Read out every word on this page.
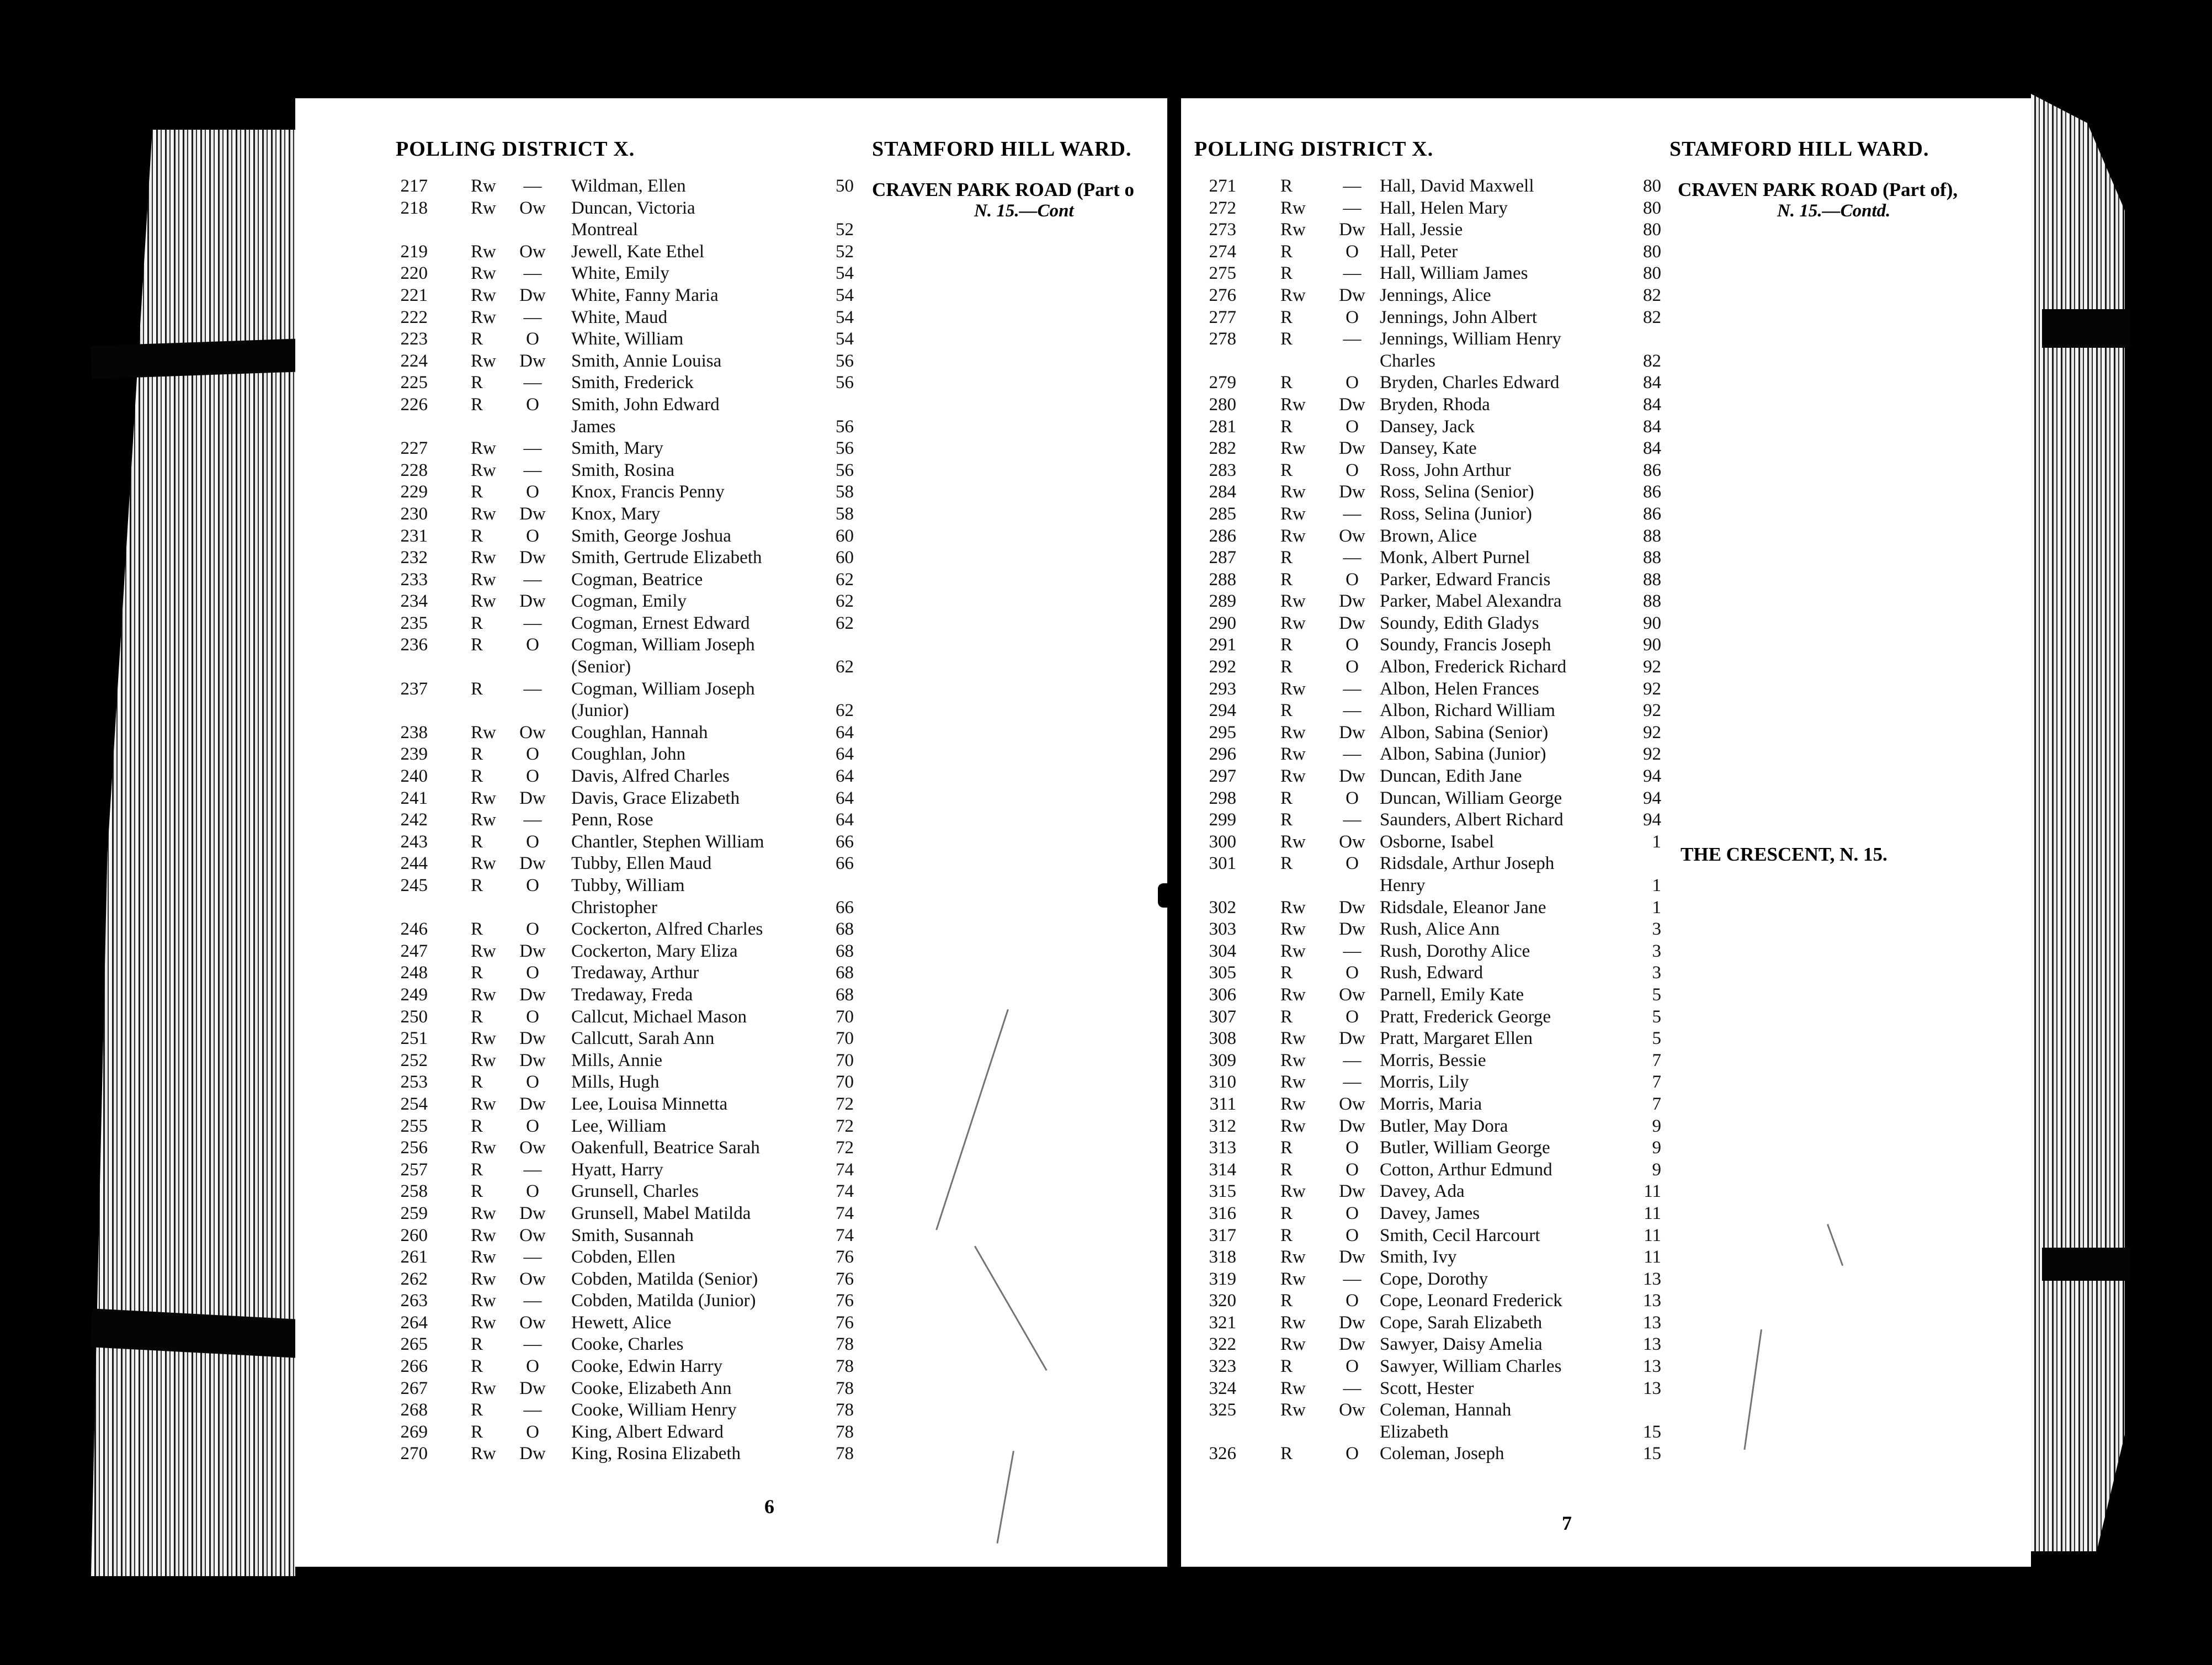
POLLING DISTRICT X.	STAMFORD HILL WARD.
CRAVEN PARK ROAD (Part o
N. 15.—Cont
217 Rw	—	Wildman, Ellen	50
218 Rw	Ow Duncan, Victoria
Montreal	52
219 Rw	Ow Jewell, Kate Ethel	52
220 Rw	—	White, Emily	54
221 Rw	Dw White, Fanny Maria	54
222 Rw	—	White, Maud	54
223 R	O	White, William	54
224 Rw	Dw Smith, Annie Louisa	56
225 R	—	Smith, Frederick	56
226 R	O	Smith, John Edward
James	56
227 Rw	—	Smith, Mary	56
228 Rw	—	Smith, Rosina	56
229 R	O	Knox, Francis Penny	58
230 Rw	Dw Knox, Mary	58
231 R	O	Smith, George Joshua	60
232 Rw	Dw Smith, Gertrude Elizabeth	60
233 Rw	—	Cogman, Beatrice	62
234 Rw	Dw Cogman, Emily	62
235 R	—	Cogman, Ernest Edward	62
236 R	O	Cogman, William Joseph
(Senior)	62
237 R	—	Cogman, William Joseph
(Junior)	62
238 Rw	Ow Coughlan, Hannah	64
239 R	O	Coughlan, John	64
240 R	O	Davis, Alfred Charles	64
241 Rw	Dw Davis, Grace Elizabeth	64
242 Rw	—	Penn, Rose	64
243 R	O	Chantler, Stephen William	66
244 Rw	Dw Tubby, Ellen Maud	66
245 R	O	Tubby, William
Christopher	66
246 R	O	Cockerton, Alfred Charles	68
247 Rw	Dw Cockerton, Mary Eliza	68
248 R	O	Tredaway, Arthur	68
249 Rw	Dw Tredaway, Freda	68
250 R	O	Callcut, Michael Mason	70
251 Rw	Dw Callcutt, Sarah Ann	70
252 Rw	Dw Mills, Annie	70
253 R	O	Mills, Hugh	70
254 Rw	Dw Lee, Louisa Minnetta	72
255 R	O	Lee, William	72
256 Rw	Ow Oakenfull, Beatrice Sarah	72
257 R	—	Hyatt, Harry	74
258 R	O	Grunsell, Charles	74
259 Rw	Dw Grunsell, Mabel Matilda	74
260 Rw	Ow Smith, Susannah	74
261 Rw	—	Cobden, Ellen	76
262 Rw	Ow Cobden, Matilda (Senior)	76
263 Rw	—	Cobden, Matilda (Junior)	76
264 Rw	Ow Hewett, Alice	76
265 R	—	Cooke, Charles	78
266 R	O	Cooke, Edwin Harry	78
267 Rw	Dw Cooke, Elizabeth Ann	78
268 R	—	Cooke, William Henry	78
269 R	O	King, Albert Edward	78
270 Rw	Dw King, Rosina Elizabeth	78
6
POLLING DISTRICT X.	STAMFORD HILL WARD.
CRAVEN PARK ROAD (Part of),
N. 15.—Contd.
THE CRESCENT, N. 15.
271 R	—	Hall, David Maxwell	80
272 Rw	—	Hall, Helen Mary	80
273 Rw	Dw Hall, Jessie	80
274 R	O	Hall, Peter	80
275 R	—	Hall, William James	80
276 Rw	Dw Jennings, Alice	82
277 R	O	Jennings, John Albert	82
278 R	—	Jennings, William Henry
Charles	82
279 R	O	Bryden, Charles Edward	84
280 Rw	Dw Bryden, Rhoda	84
281 R	O	Dansey, Jack	84
282 Rw	Dw Dansey, Kate	84
283 R	O	Ross, John Arthur	86
284 Rw	Dw Ross, Selina (Senior)	86
285 Rw	—	Ross, Selina (Junior)	86
286 Rw	Ow Brown, Alice	88
287 R	—	Monk, Albert Purnel	88
288 R	O	Parker, Edward Francis	88
289 Rw	Dw Parker, Mabel Alexandra	88
290 Rw	Dw Soundy, Edith Gladys	90
291 R	O	Soundy, Francis Joseph	90
292 R	O	Albon, Frederick Richard	92
293 Rw	—	Albon, Helen Frances	92
294 R	—	Albon, Richard William	92
295 Rw	Dw Albon, Sabina (Senior)	92
296 Rw	—	Albon, Sabina (Junior)	92
297 Rw	Dw Duncan, Edith Jane	94
298 R	O	Duncan, William George	94
299 R	—	Saunders, Albert Richard	94
300 Rw	Ow Osborne, Isabel	1
301 R	O	Ridsdale, Arthur Joseph
Henry	1
302 Rw	Dw Ridsdale, Eleanor Jane	1
303 Rw	Dw Rush, Alice Ann	3
304 Rw	—	Rush, Dorothy Alice	3
305 R	O	Rush, Edward	3
306 Rw	Ow Parnell, Emily Kate	5
307 R	O	Pratt, Frederick George	5
308 Rw	Dw Pratt, Margaret Ellen	5
309 Rw	—	Morris, Bessie	7
310 Rw	—	Morris, Lily	7
311 Rw	Ow Morris, Maria	7
312 Rw	Dw Butler, May Dora	9
313 R	O	Butler, William George	9
314 R	O	Cotton, Arthur Edmund	9
315 Rw	Dw Davey, Ada	11
316 R	O	Davey, James	11
317 R	O	Smith, Cecil Harcourt	11
318 Rw	Dw Smith, Ivy	11
319 Rw	—	Cope, Dorothy	13
320 R	O	Cope, Leonard Frederick	13
321 Rw	Dw Cope, Sarah Elizabeth	13
322 Rw	Dw Sawyer, Daisy Amelia	13
323 R	O	Sawyer, William Charles	13
324 Rw	—	Scott, Hester	13
325 Rw	Ow Coleman, Hannah
Elizabeth	15
326 R	O	Coleman, Joseph	15
7
